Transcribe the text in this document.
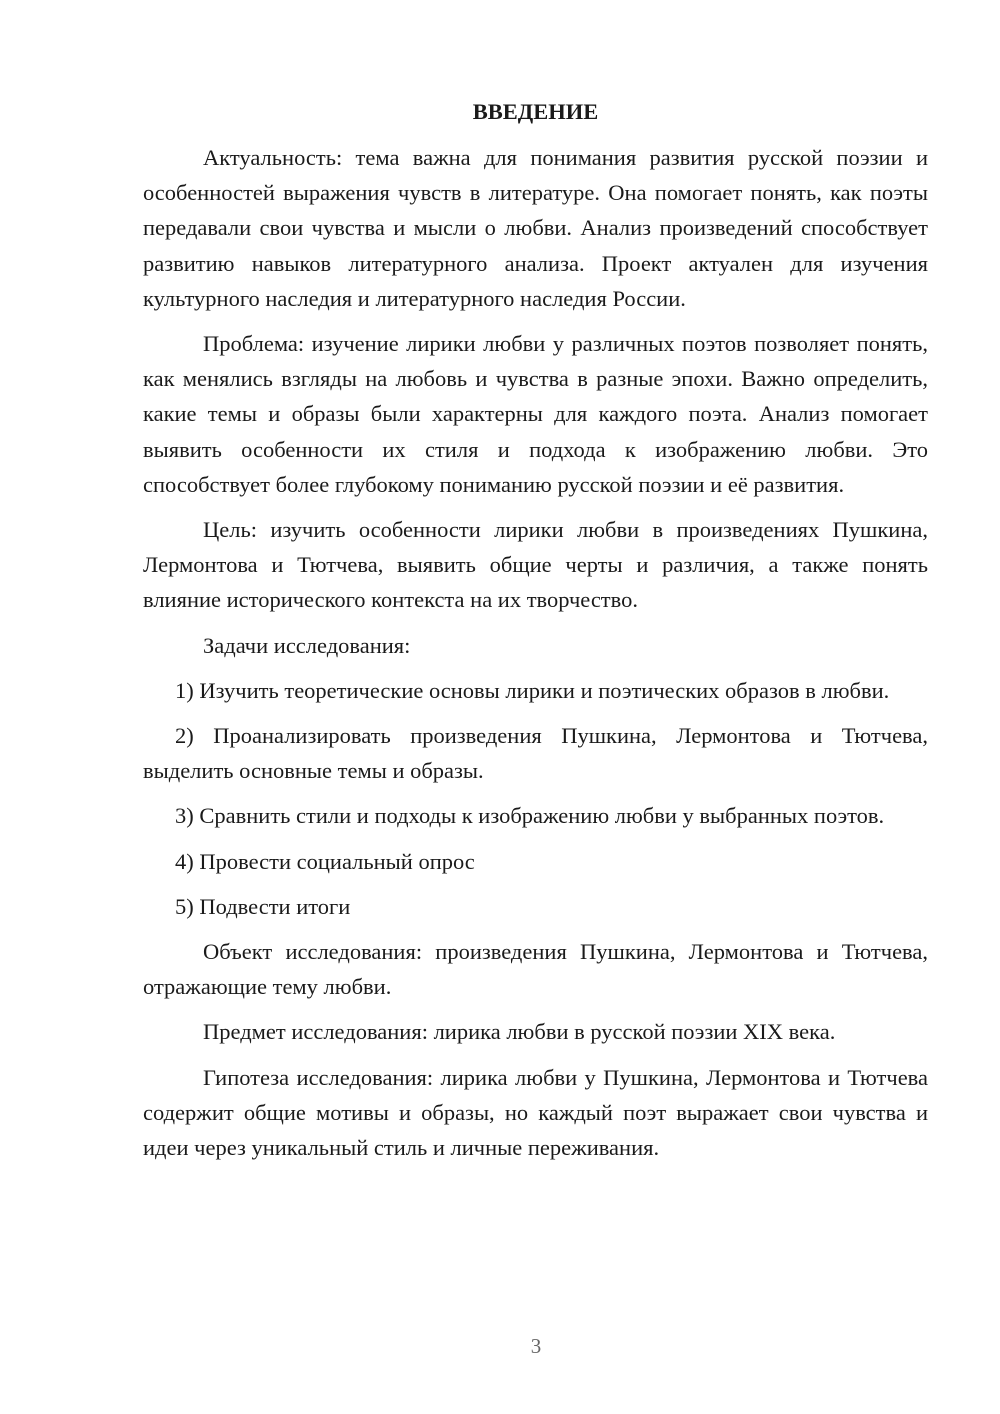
ВВЕДЕНИЕ

Актуальность: тема важна для понимания развития русской поэзии и особенностей выражения чувств в литературе. Она помогает понять, как поэты передавали свои чувства и мысли о любви. Анализ произведений способствует развитию навыков литературного анализа. Проект актуален для изучения культурного наследия и литературного наследия России.

Проблема: изучение лирики любви у различных поэтов позволяет понять, как менялись взгляды на любовь и чувства в разные эпохи. Важно определить, какие темы и образы были характерны для каждого поэта. Анализ помогает выявить особенности их стиля и подхода к изображению любви. Это способствует более глубокому пониманию русской поэзии и её развития.

Цель: изучить особенности лирики любви в произведениях Пушкина, Лермонтова и Тютчева, выявить общие черты и различия, а также понять влияние исторического контекста на их творчество.

Задачи исследования:

1) Изучить теоретические основы лирики и поэтических образов в любви.

2) Проанализировать произведения Пушкина, Лермонтова и Тютчева, выделить основные темы и образы.

3) Сравнить стили и подходы к изображению любви у выбранных поэтов.

4) Провести социальный опрос

5) Подвести итоги

Объект исследования: произведения Пушкина, Лермонтова и Тютчева, отражающие тему любви.

Предмет исследования: лирика любви в русской поэзии XIX века.

Гипотеза исследования: лирика любви у Пушкина, Лермонтова и Тютчева содержит общие мотивы и образы, но каждый поэт выражает свои чувства и идеи через уникальный стиль и личные переживания.

3
